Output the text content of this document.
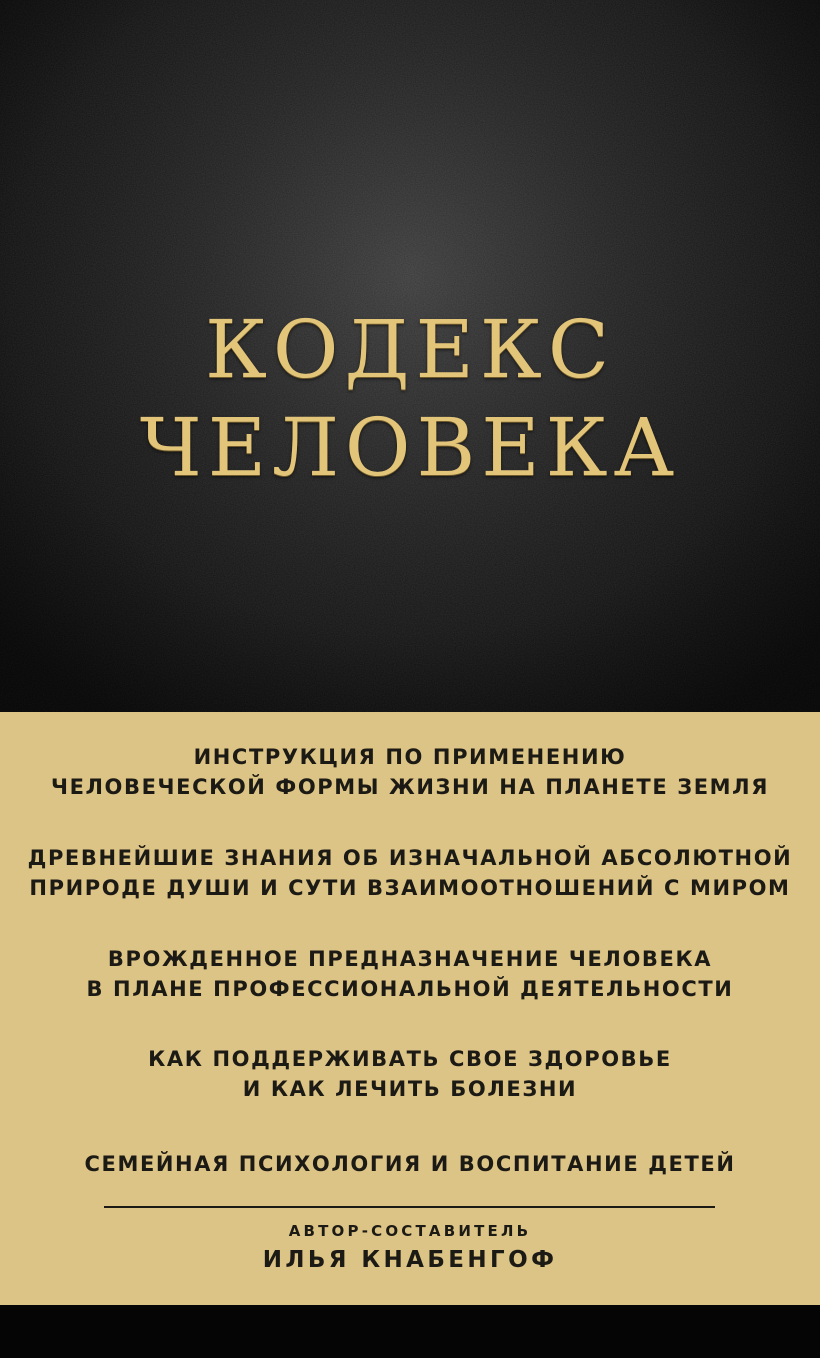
КОДЕКС
ЧЕЛОВЕКА
ИНСТРУКЦИЯ ПО ПРИМЕНЕНИЮ
ЧЕЛОВЕЧЕСКОЙ ФОРМЫ ЖИЗНИ НА ПЛАНЕТЕ ЗЕМЛЯ
ДРЕВНЕЙШИЕ ЗНАНИЯ ОБ ИЗНАЧАЛЬНОЙ АБСОЛЮТНОЙ
ПРИРОДЕ ДУШИ И СУТИ ВЗАИМООТНОШЕНИЙ С МИРОМ
ВРОЖДЕННОЕ ПРЕДНАЗНАЧЕНИЕ ЧЕЛОВЕКА
В ПЛАНЕ ПРОФЕССИОНАЛЬНОЙ ДЕЯТЕЛЬНОСТИ
КАК ПОДДЕРЖИВАТЬ СВОЕ ЗДОРОВЬЕ
И КАК ЛЕЧИТЬ БОЛЕЗНИ
СЕМЕЙНАЯ ПСИХОЛОГИЯ И ВОСПИТАНИЕ ДЕТЕЙ
АВТОР-СОСТАВИТЕЛЬ
ИЛЬЯ КНАБЕНГОФ
